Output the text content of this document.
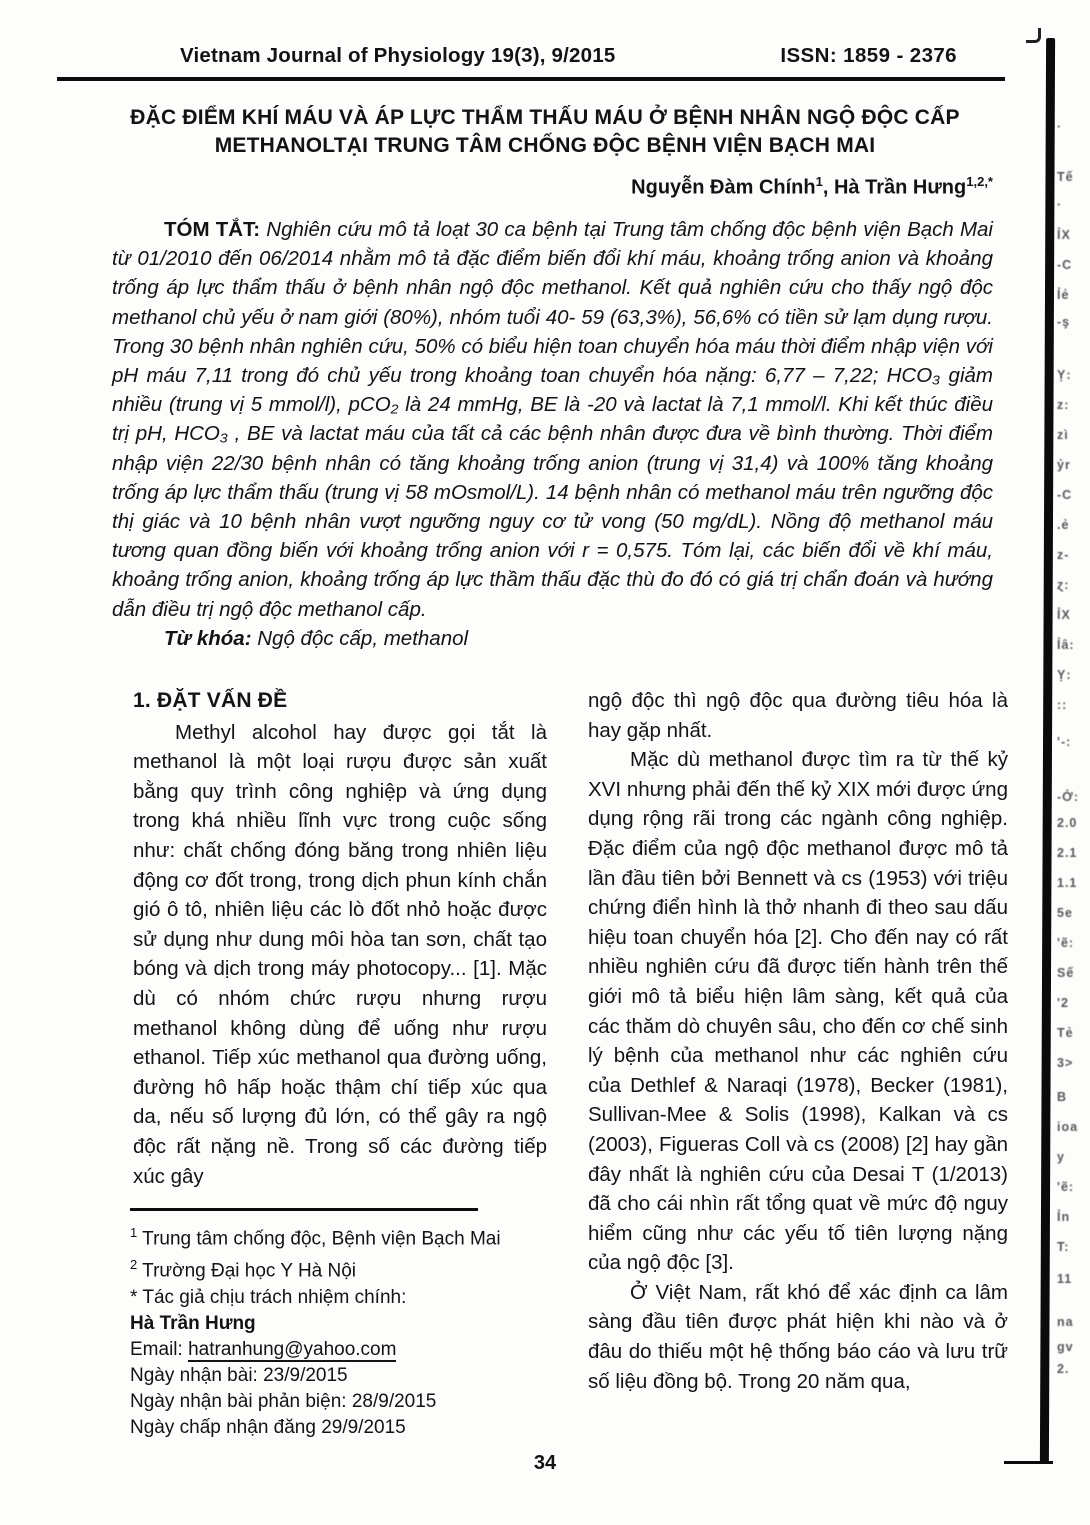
Vietnam Journal of Physiology 19(3), 9/2015	ISSN: 1859 - 2376
ĐẶC ĐIỂM KHÍ MÁU VÀ ÁP LỰC THẨM THẤU MÁU Ở BỆNH NHÂN NGỘ ĐỘC CẤP
METHANOLTẠI TRUNG TÂM CHỐNG ĐỘC BỆNH VIỆN BẠCH MAI
Nguyễn Đàm Chính$^1$, Hà Trần Hưng$^{1,2,*}$

TÓM TẮT: Nghiên cứu mô tả loạt 30 ca bệnh tại Trung tâm chống độc bệnh viện Bạch Mai từ 01/2010 đến 06/2014 nhằm mô tả đặc điểm biến đổi khí máu, khoảng trống anion và khoảng trống áp lực thẩm thấu ở bệnh nhân ngộ độc methanol. Kết quả nghiên cứu cho thấy ngộ độc methanol chủ yếu ở nam giới (80%), nhóm tuổi 40- 59 (63,3%), 56,6% có tiền sử lạm dụng rượu. Trong 30 bệnh nhân nghiên cứu, 50% có biểu hiện toan chuyển hóa máu thời điểm nhập viện với pH máu 7,11 trong đó chủ yếu trong khoảng toan chuyển hóa nặng: 6,77 – 7,22; HCO₃ giảm nhiều (trung vị 5 mmol/l), pCO₂ là 24 mmHg, BE là -20 và lactat là 7,1 mmol/l. Khi kết thúc điều trị pH, HCO₃ , BE và lactat máu của tất cả các bệnh nhân được đưa về bình thường. Thời điểm nhập viện 22/30 bệnh nhân có tăng khoảng trống anion (trung vị 31,4) và 100% tăng khoảng trống áp lực thẩm thấu (trung vị 58 mOsmol/L). 14 bệnh nhân có methanol máu trên ngưỡng độc thị giác và 10 bệnh nhân vượt ngưỡng nguy cơ tử vong (50 mg/dL). Nồng độ methanol máu tương quan đồng biến với khoảng trống anion với r = 0,575. Tóm lại, các biến đổi về khí máu, khoảng trống anion, khoảng trống áp lực thầm thấu đặc thù đo đó có giá trị chẩn đoán và hướng dẫn điều trị ngộ độc methanol cấp.

Từ khóa: Ngộ độc cấp, methanol

1. ĐẶT VẤN ĐỀ

Methyl alcohol hay được gọi tắt là methanol là một loại rượu được sản xuất bằng quy trình công nghiệp và ứng dụng trong khá nhiều lĩnh vực trong cuộc sống như: chất chống đóng băng trong nhiên liệu động cơ đốt trong, trong dịch phun kính chắn gió ô tô, nhiên liệu các lò đốt nhỏ hoặc được sử dụng như dung môi hòa tan sơn, chất tạo bóng và dịch trong máy photocopy... [1]. Mặc dù có nhóm chức rượu nhưng rượu methanol không dùng để uống như rượu ethanol. Tiếp xúc methanol qua đường uống, đường hô hấp hoặc thậm chí tiếp xúc qua da, nếu số lượng đủ lớn, có thể gây ra ngộ độc rất nặng nề. Trong số các đường tiếp xúc gây

ngộ độc thì ngộ độc qua đường tiêu hóa là hay gặp nhất.

Mặc dù methanol được tìm ra từ thế kỷ XVI nhưng phải đến thế kỷ XIX mới được ứng dụng rộng rãi trong các ngành công nghiệp. Đặc điểm của ngộ độc methanol được mô tả lần đầu tiên bởi Bennett và cs (1953) với triệu chứng điển hình là thở nhanh đi theo sau dấu hiệu toan chuyển hóa [2]. Cho đến nay có rất nhiều nghiên cứu đã được tiến hành trên thế giới mô tả biểu hiện lâm sàng, kết quả của các thăm dò chuyên sâu, cho đến cơ chế sinh lý bệnh của methanol như các nghiên cứu của Dethlef & Naraqi (1978), Becker (1981), Sullivan-Mee & Solis (1998), Kalkan và cs (2003), Figueras Coll và cs (2008) [2] hay gần đây nhất là nghiên cứu của Desai T (1/2013) đã cho cái nhìn rất tổng quat về mức độ nguy hiểm cũng như các yếu tố tiên lượng nặng của ngộ độc [3].

Ở Việt Nam, rất khó để xác định ca lâm sàng đầu tiên được phát hiện khi nào và ở đâu do thiếu một hệ thống báo cáo và lưu trữ số liệu đồng bộ. Trong 20 năm qua,

$^1$ Trung tâm chống độc, Bệnh viện Bạch Mai
$^2$ Trường Đại học Y Hà Nội
* Tác giả chịu trách nhiệm chính:
Hà Trần Hưng
Email: hatranhung@yahoo.com
Ngày nhận bài: 23/9/2015
Ngày nhận bài phản biện: 28/9/2015
Ngày chấp nhận đăng 29/9/2015
34
·
Tế
·
ỈX
-C
Ỉẻ
-ş
Ỵ:
z:
zì
ỷr
-C
.ẻ
z-
ɀ:
ỈX
Ỉâ:
Ỵ:
::
'-:
-Ở:
2.0
2.1
1.1
5e
'ẽ:
Sế
'2
Tẻ
3>
B
ioa
y
'ẽ:
Ỉn
T:
11
na
gv
2.
